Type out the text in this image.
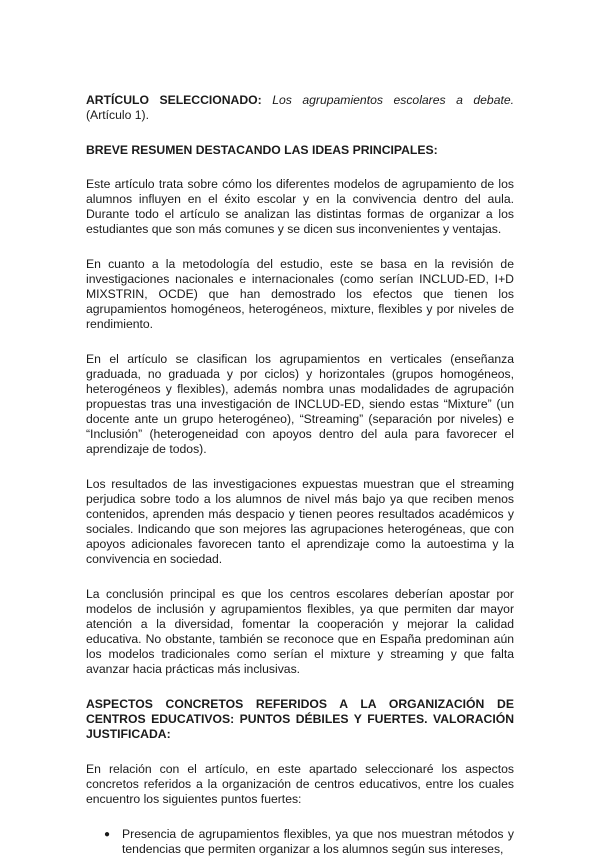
ARTÍCULO SELECCIONADO: Los agrupamientos escolares a debate. (Artículo 1).

BREVE RESUMEN DESTACANDO LAS IDEAS PRINCIPALES:

Este artículo trata sobre cómo los diferentes modelos de agrupamiento de los alumnos influyen en el éxito escolar y en la convivencia dentro del aula. Durante todo el artículo se analizan las distintas formas de organizar a los estudiantes que son más comunes y se dicen sus inconvenientes y ventajas.

En cuanto a la metodología del estudio, este se basa en la revisión de investigaciones nacionales e internacionales (como serían INCLUD-ED, I+D MIXSTRIN, OCDE) que han demostrado los efectos que tienen los agrupamientos homogéneos, heterogéneos, mixture, flexibles y por niveles de rendimiento.

En el artículo se clasifican los agrupamientos en verticales (enseñanza graduada, no graduada y por ciclos) y horizontales (grupos homogéneos, heterogéneos y flexibles), además nombra unas modalidades de agrupación propuestas tras una investigación de INCLUD-ED, siendo estas “Mixture” (un docente ante un grupo heterogéneo), “Streaming” (separación por niveles) e “Inclusión” (heterogeneidad con apoyos dentro del aula para favorecer el aprendizaje de todos).

Los resultados de las investigaciones expuestas muestran que el streaming perjudica sobre todo a los alumnos de nivel más bajo ya que reciben menos contenidos, aprenden más despacio y tienen peores resultados académicos y sociales. Indicando que son mejores las agrupaciones heterogéneas, que con apoyos adicionales favorecen tanto el aprendizaje como la autoestima y la convivencia en sociedad.

La conclusión principal es que los centros escolares deberían apostar por modelos de inclusión y agrupamientos flexibles, ya que permiten dar mayor atención a la diversidad, fomentar la cooperación y mejorar la calidad educativa. No obstante, también se reconoce que en España predominan aún los modelos tradicionales como serían el mixture y streaming y que falta avanzar hacia prácticas más inclusivas.

ASPECTOS CONCRETOS REFERIDOS A LA ORGANIZACIÓN DE CENTROS EDUCATIVOS: PUNTOS DÉBILES Y FUERTES. VALORACIÓN JUSTIFICADA:

En relación con el artículo, en este apartado seleccionaré los aspectos concretos referidos a la organización de centros educativos, entre los cuales encuentro los siguientes puntos fuertes:

● Presencia de agrupamientos flexibles, ya que nos muestran métodos y tendencias que permiten organizar a los alumnos según sus intereses,
